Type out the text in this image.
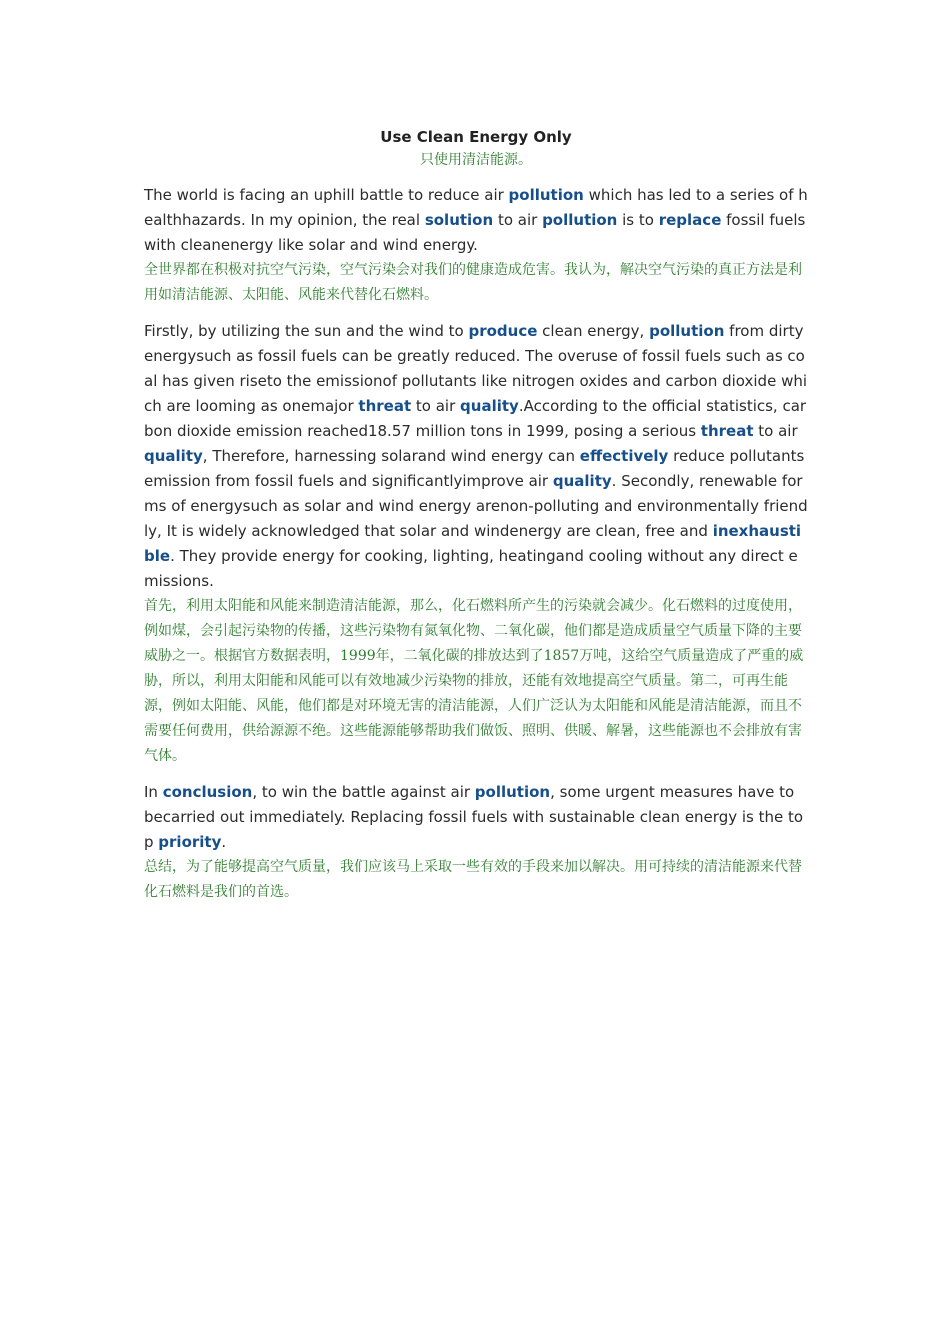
Use Clean Energy Only

只使用清洁能源。

The world is facing an uphill battle to reduce air pollution which has led to a series of healthhazards. In my opinion, the real solution to air pollution is to replace fossil fuels with cleanenergy like solar and wind energy.

全世界都在积极对抗空气污染，空气污染会对我们的健康造成危害。我认为，解决空气污染的真正方法是利用如清洁能源、太阳能、风能来代替化石燃料。

Firstly, by utilizing the sun and the wind to produce clean energy, pollution from dirty energysuch as fossil fuels can be greatly reduced. The overuse of fossil fuels such as coal has given riseto the emissionof pollutants like nitrogen oxides and carbon dioxide which are looming as onemajor threat to air quality.According to the official statistics, carbon dioxide emission reached18.57 million tons in 1999, posing a serious threat to air quality, Therefore, harnessing solarand wind energy can effectively reduce pollutants emission from fossil fuels and significantlyimprove air quality. Secondly, renewable forms of energysuch as solar and wind energy arenon-polluting and environmentally friendly, It is widely acknowledged that solar and windenergy are clean, free and inexhaustible. They provide energy for cooking, lighting, heatingand cooling without any direct emissions.

首先，利用太阳能和风能来制造清洁能源，那么，化石燃料所产生的污染就会减少。化石燃料的过度使用，例如煤，会引起污染物的传播，这些污染物有氮氧化物、二氧化碳，他们都是造成质量空气质量下降的主要威胁之一。根据官方数据表明，1999年，二氧化碳的排放达到了1857万吨，这给空气质量造成了严重的威胁，所以，利用太阳能和风能可以有效地减少污染物的排放，还能有效地提高空气质量。第二，可再生能源，例如太阳能、风能，他们都是对环境无害的清洁能源，人们广泛认为太阳能和风能是清洁能源，而且不需要任何费用，供给源源不绝。这些能源能够帮助我们做饭、照明、供暖、解暑，这些能源也不会排放有害气体。

In conclusion, to win the battle against air pollution, some urgent measures have to becarried out immediately. Replacing fossil fuels with sustainable clean energy is the top priority.

总结，为了能够提高空气质量，我们应该马上采取一些有效的手段来加以解决。用可持续的清洁能源来代替化石燃料是我们的首选。
